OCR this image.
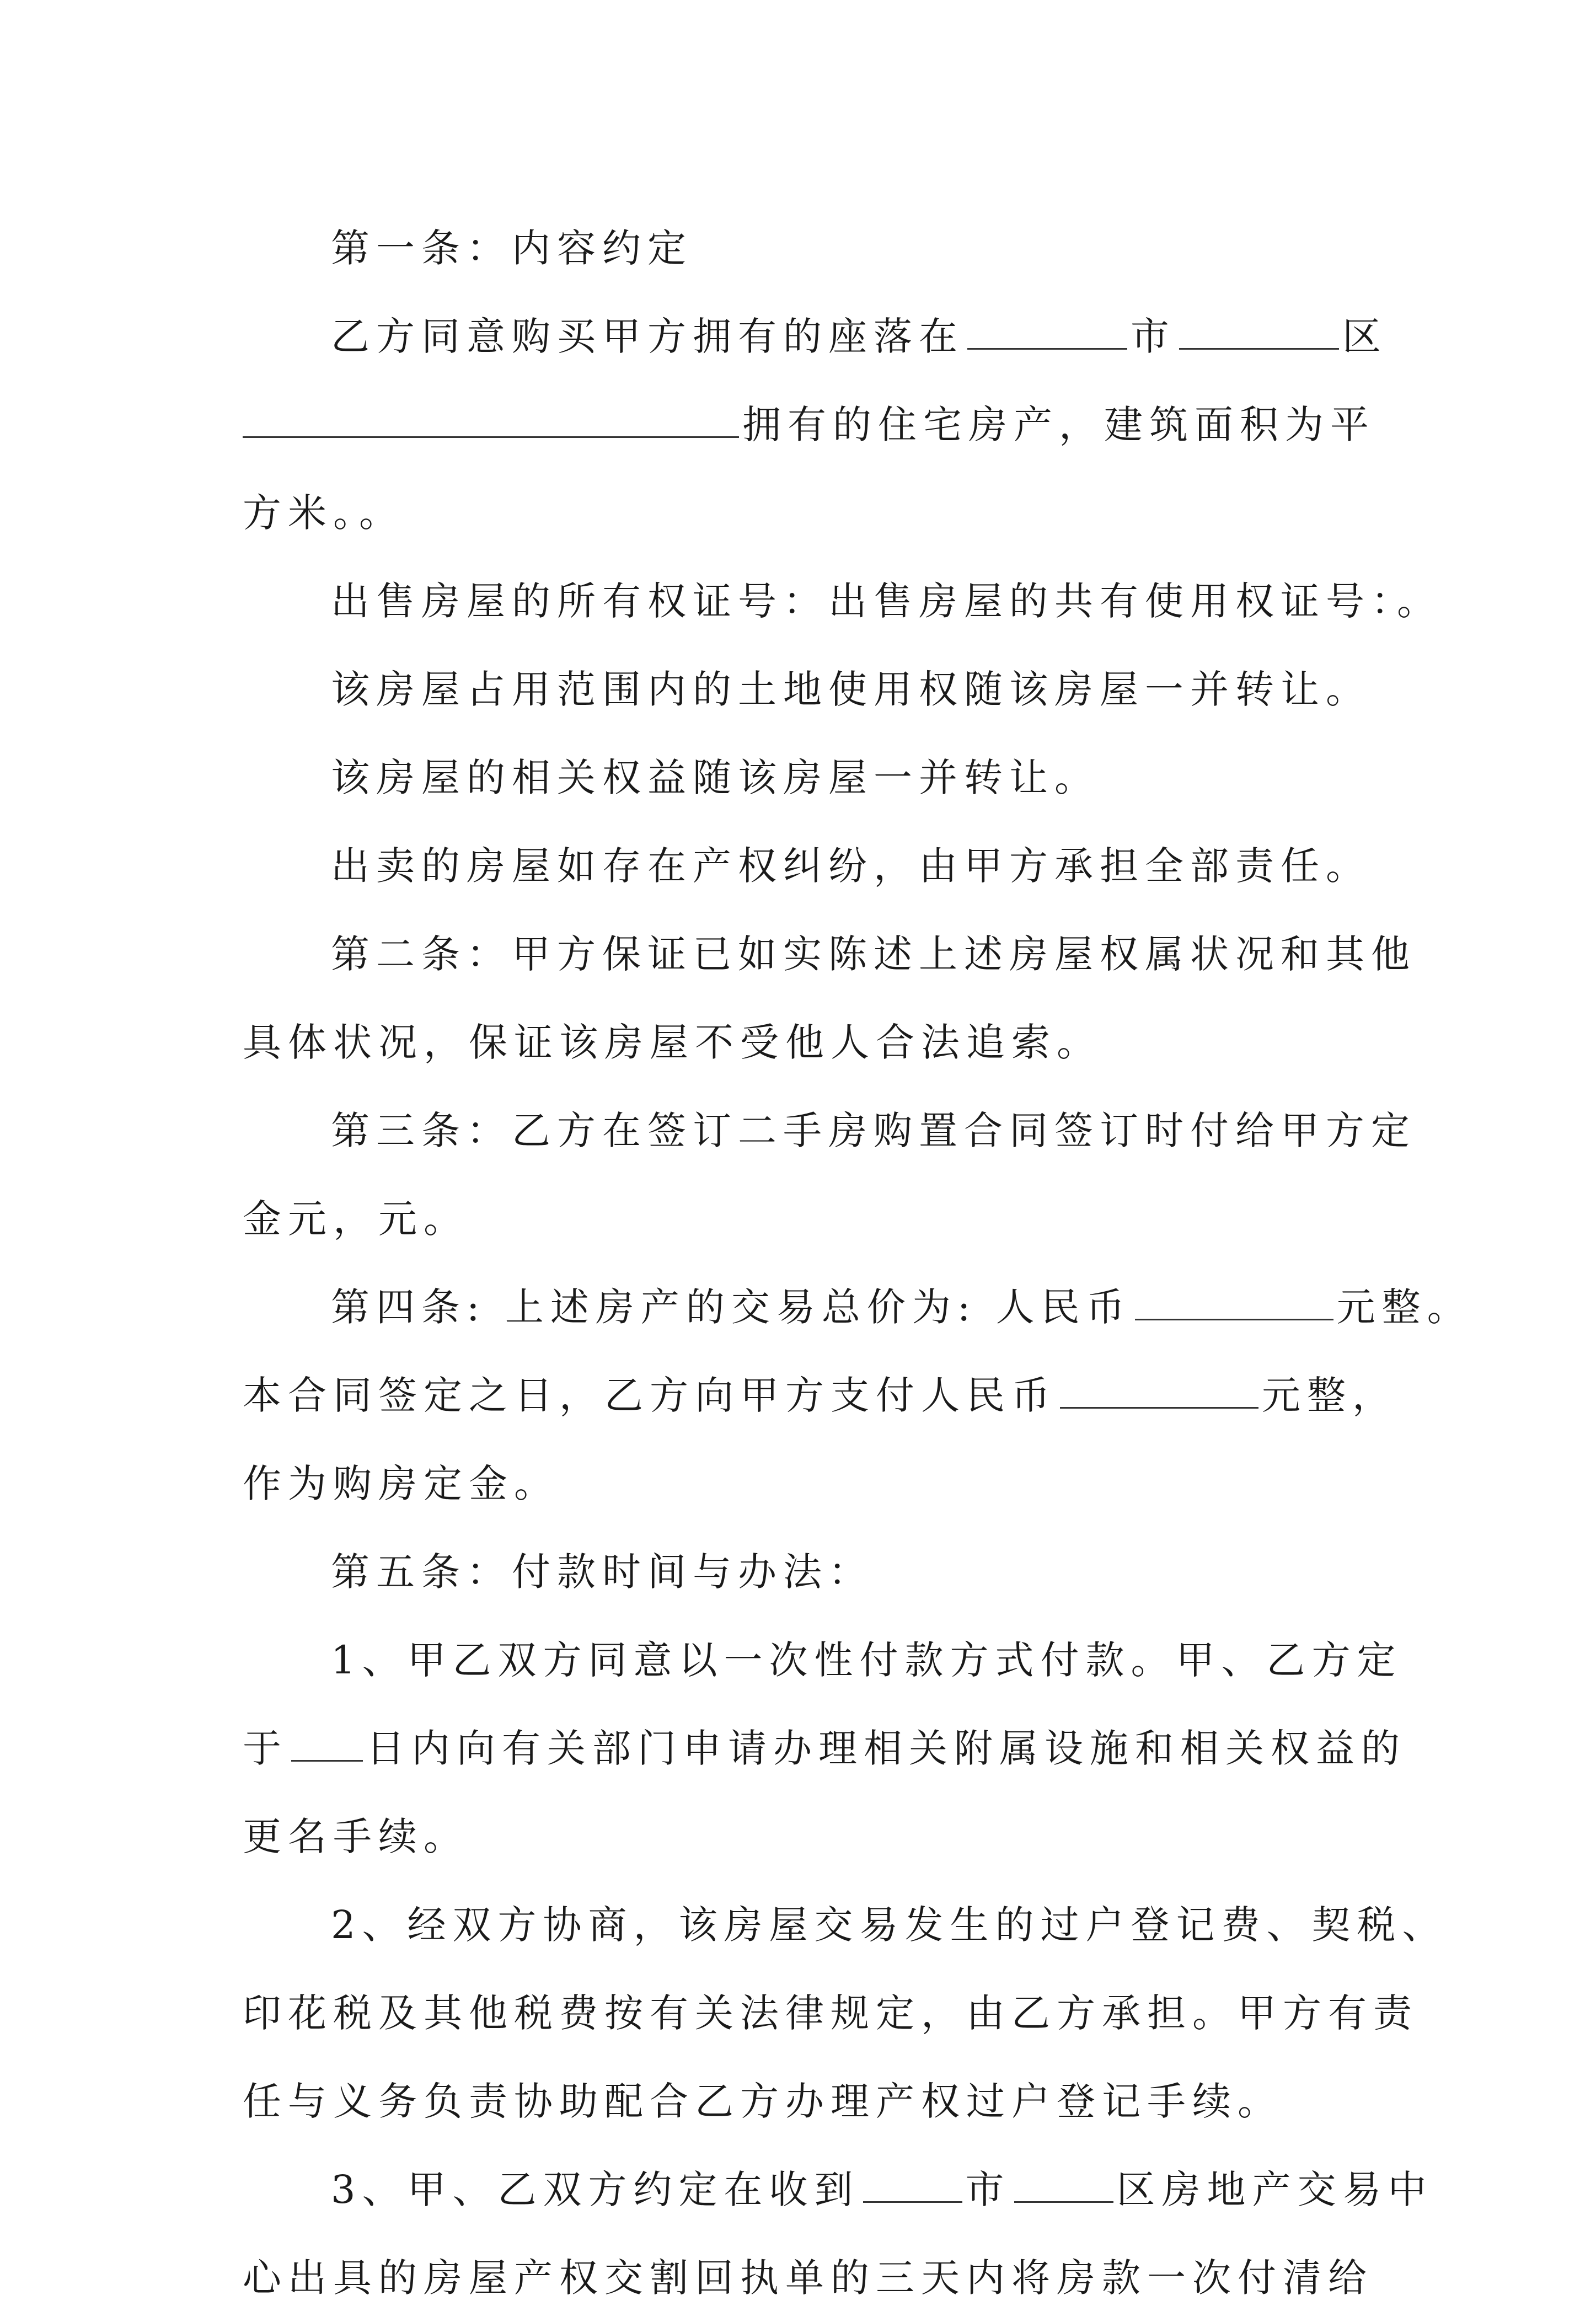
第一条：内容约定

乙方同意购买甲方拥有的座落在	市	区

拥有的住宅房产，建筑面积为平

方米。。

出售房屋的所有权证号：出售房屋的共有使用权证号：。

该房屋占用范围内的土地使用权随该房屋一并转让。

该房屋的相关权益随该房屋一并转让。

出卖的房屋如存在产权纠纷，由甲方承担全部责任。

第二条：甲方保证已如实陈述上述房屋权属状况和其他

具体状况，保证该房屋不受他人合法追索。

第三条：乙方在签订二手房购置合同签订时付给甲方定

金元，元。

第四条: 上述房产的交易总价为: 人民币	元整。

本合同签定之日，乙方向甲方支付人民币	元整，

作为购房定金。

第五条：付款时间与办法：

1、甲乙双方同意以一次性付款方式付款。甲、乙方定

于 日内向有关部门申请办理相关附属设施和相关权益的

更名手续。

2、经双方协商，该房屋交易发生的过户登记费、契税、

印花税及其他税费按有关法律规定，由乙方承担。甲方有责

任与义务负责协助配合乙方办理产权过户登记手续。

3、甲、乙双方约定在收到	市	区房地产交易中

心出具的房屋产权交割回执单的三天内将房款一次付清给
